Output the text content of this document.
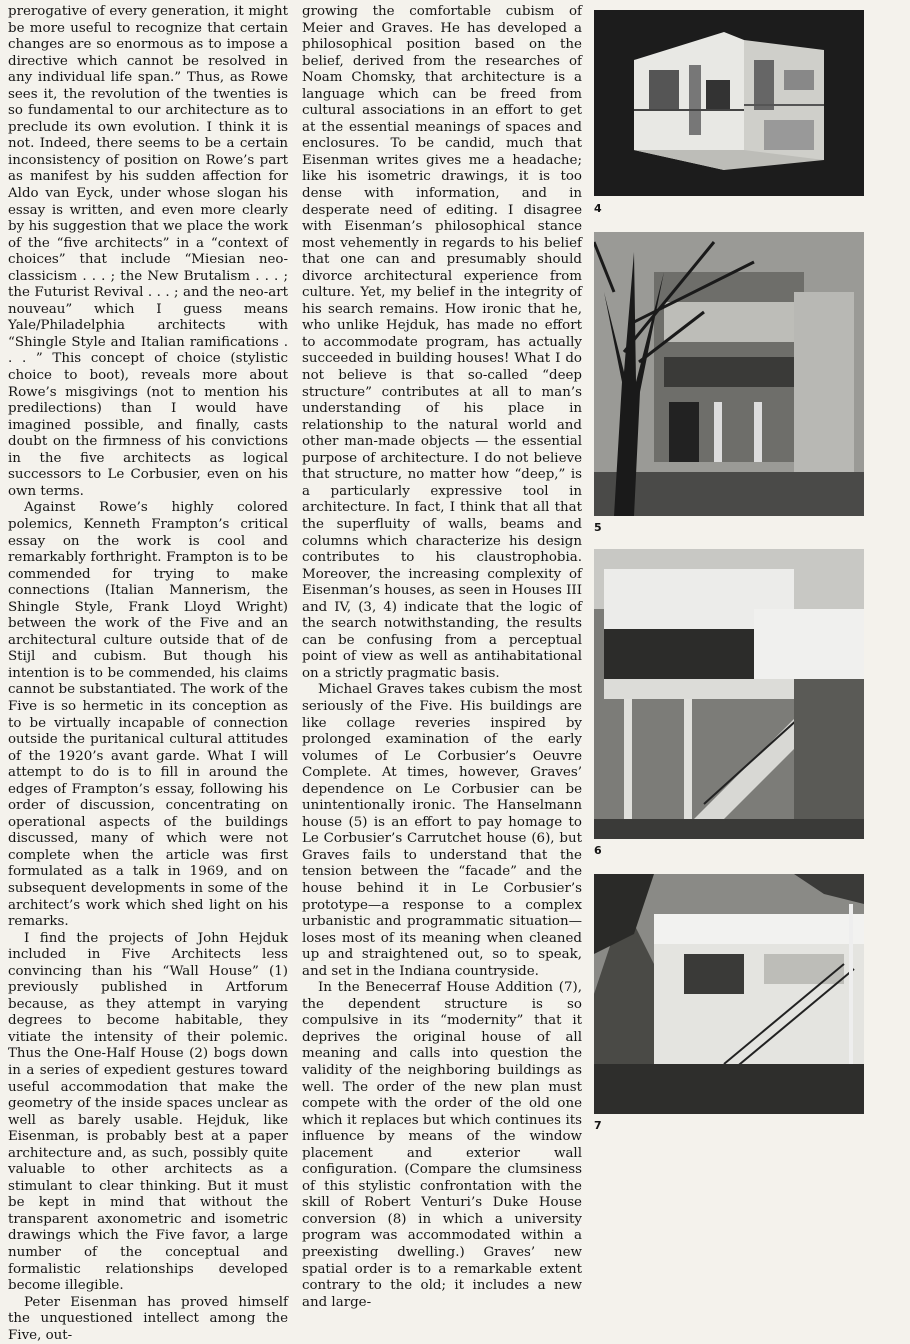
prerogative of every generation, it might be more useful to recognize that certain changes are so enormous as to impose a directive which cannot be resolved in any individual life span.” Thus, as Rowe sees it, the revolution of the twenties is so fundamental to our architecture as to preclude its own evolution. I think it is not. Indeed, there seems to be a certain inconsistency of position on Rowe’s part as manifest by his sudden affection for Aldo van Eyck, under whose slogan his essay is written, and even more clearly by his suggestion that we place the work of the “five architects” in a “context of choices” that include “Miesian neo-classicism . . . ; the New Brutalism . . . ; the Futurist Revival . . . ; and the neo-art nouveau” which I guess means Yale/Philadelphia architects with “Shingle Style and Italian ramifications . . . ” This concept of choice (stylistic choice to boot), reveals more about Rowe’s misgivings (not to mention his predilections) than I would have imagined possible, and finally, casts doubt on the firmness of his convictions in the five architects as logical successors to Le Corbusier, even on his own terms.

Against Rowe’s highly colored polemics, Kenneth Frampton’s critical essay on the work is cool and remarkably forthright. Frampton is to be commended for trying to make connections (Italian Mannerism, the Shingle Style, Frank Lloyd Wright) between the work of the Five and an architectural culture outside that of de Stijl and cubism. But though his intention is to be commended, his claims cannot be substantiated. The work of the Five is so hermetic in its conception as to be virtually incapable of connection outside the puritanical cultural attitudes of the 1920’s avant garde. What I will attempt to do is to fill in around the edges of Frampton’s essay, following his order of discussion, concentrating on operational aspects of the buildings discussed, many of which were not complete when the article was first formulated as a talk in 1969, and on subsequent developments in some of the architect’s work which shed light on his remarks.

I find the projects of John Hejduk included in Five Architects less convincing than his “Wall House” (1) previously published in Artforum because, as they attempt in varying degrees to become habitable, they vitiate the intensity of their polemic. Thus the One-Half House (2) bogs down in a series of expedient gestures toward useful accommodation that make the geometry of the inside spaces unclear as well as barely usable. Hejduk, like Eisenman, is probably best at a paper architecture and, as such, possibly quite valuable to other architects as a stimulant to clear thinking. But it must be kept in mind that without the transparent axonometric and isometric drawings which the Five favor, a large number of the conceptual and formalistic relationships developed become illegible.

Peter Eisenman has proved himself the unquestioned intellect among the Five, out-

growing the comfortable cubism of Meier and Graves. He has developed a philosophical position based on the belief, derived from the researches of Noam Chomsky, that architecture is a language which can be freed from cultural associations in an effort to get at the essential meanings of spaces and enclosures. To be candid, much that Eisenman writes gives me a headache; like his isometric drawings, it is too dense with information, and in desperate need of editing. I disagree with Eisenman’s philosophical stance most vehemently in regards to his belief that one can and presumably should divorce architectural experience from culture. Yet, my belief in the integrity of his search remains. How ironic that he, who unlike Hejduk, has made no effort to accommodate program, has actually succeeded in building houses! What I do not believe is that so-called “deep structure” contributes at all to man’s understanding of his place in relationship to the natural world and other man-made objects — the essential purpose of architecture. I do not believe that structure, no matter how “deep,” is a particularly expressive tool in architecture. In fact, I think that all that the superfluity of walls, beams and columns which characterize his design contributes to his claustrophobia. Moreover, the increasing complexity of Eisenman’s houses, as seen in Houses III and IV, (3, 4) indicate that the logic of the search notwithstanding, the results can be confusing from a perceptual point of view as well as antihabitational on a strictly pragmatic basis.

Michael Graves takes cubism the most seriously of the Five. His buildings are like collage reveries inspired by prolonged examination of the early volumes of Le Corbusier’s Oeuvre Complete. At times, however, Graves’ dependence on Le Corbusier can be unintentionally ironic. The Hanselmann house (5) is an effort to pay homage to Le Corbusier’s Carrutchet house (6), but Graves fails to understand that the tension between the “facade” and the house behind it in Le Corbusier’s prototype—a response to a complex urbanistic and programmatic situation—loses most of its meaning when cleaned up and straightened out, so to speak, and set in the Indiana countryside.

In the Benecerraf House Addition (7), the dependent structure is so compulsive in its “modernity” that it deprives the original house of all meaning and calls into question the validity of the neighboring buildings as well. The order of the new plan must compete with the order of the old one which it replaces but which continues its influence by means of the window placement and exterior wall configuration. (Compare the clumsiness of this stylistic confrontation with the skill of Robert Venturi’s Duke House conversion (8) in which a university program was accommodated within a preexisting dwelling.) Graves’ new spatial order is to a remarkable extent contrary to the old; it includes a new and large-

4
5
6
7
